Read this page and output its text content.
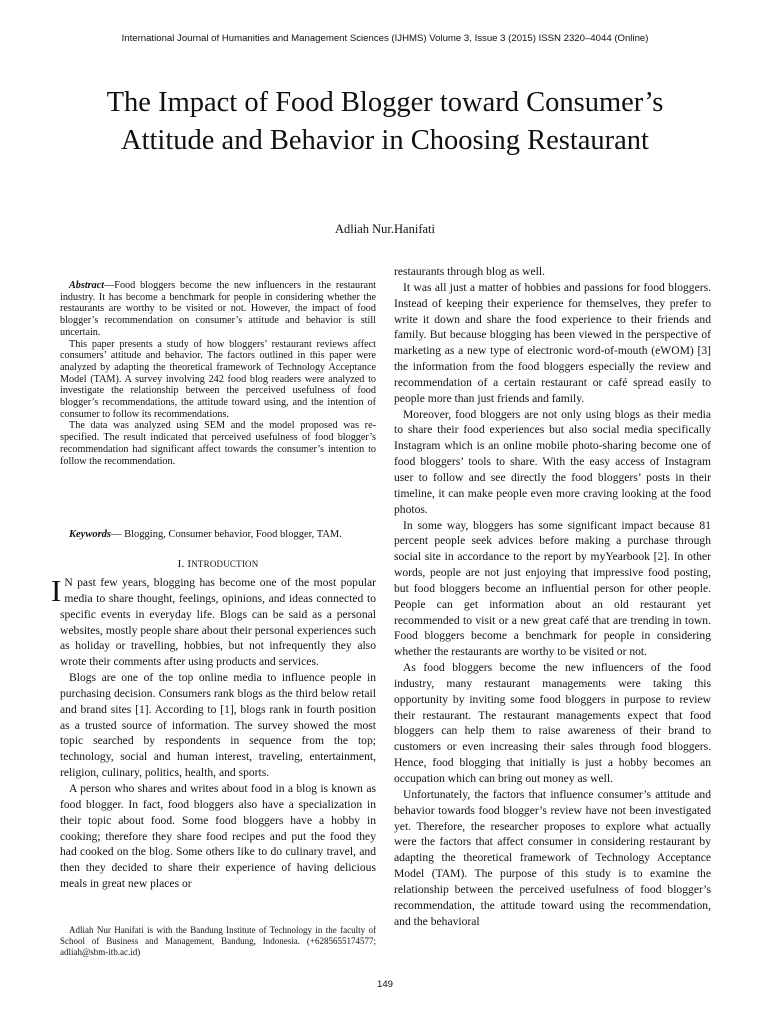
International Journal of Humanities and Management Sciences (IJHMS) Volume 3, Issue 3 (2015) ISSN 2320–4044 (Online)
The Impact of Food Blogger toward Consumer’s Attitude and Behavior in Choosing Restaurant
Adliah Nur.Hanifati

Abstract—Food bloggers become the new influencers in the restaurant industry. It has become a benchmark for people in considering whether the restaurants are worthy to be visited or not. However, the impact of food blogger’s recommendation on consumer’s attitude and behavior is still uncertain.

This paper presents a study of how bloggers’ restaurant reviews affect consumers’ attitude and behavior. The factors outlined in this paper were analyzed by adapting the theoretical framework of Technology Acceptance Model (TAM). A survey involving 242 food blog readers were analyzed to investigate the relationship between the perceived usefulness of food blogger’s recommendations, the attitude toward using, and the intention of consumer to follow its recommendations.

The data was analyzed using SEM and the model proposed was re-specified. The result indicated that perceived usefulness of food blogger’s recommendation had significant affect towards the consumer’s intention to follow the recommendation.

Keywords— Blogging, Consumer behavior, Food blogger, TAM.
I. INTRODUCTION

I N past few years, blogging has become one of the most popular media to share thought, feelings, opinions, and ideas connected to specific events in everyday life. Blogs can be said as a personal websites, mostly people share about their personal experiences such as holiday or travelling, hobbies, but not infrequently they also wrote their comments after using products and services.

Blogs are one of the top online media to influence people in purchasing decision. Consumers rank blogs as the third below retail and brand sites [1]. According to [1], blogs rank in fourth position as a trusted source of information. The survey showed the most topic searched by respondents in sequence from the top; technology, social and human interest, traveling, entertainment, religion, culinary, politics, health, and sports.

A person who shares and writes about food in a blog is known as food blogger. In fact, food bloggers also have a specialization in their topic about food. Some food bloggers have a hobby in cooking; therefore they share food recipes and put the food they had cooked on the blog. Some others like to do culinary travel, and then they decided to share their experience of having delicious meals in great new places or

Adliah Nur Hanifati is with the Bandung Institute of Technology in the faculty of School of Business and Management, Bandung, Indonesia. (+6285655174577; adliah@sbm-itb.ac.id)

restaurants through blog as well.

It was all just a matter of hobbies and passions for food bloggers. Instead of keeping their experience for themselves, they prefer to write it down and share the food experience to their friends and family. But because blogging has been viewed in the perspective of marketing as a new type of electronic word-of-mouth (eWOM) [3] the information from the food bloggers especially the review and recommendation of a certain restaurant or café spread easily to people more than just friends and family.

Moreover, food bloggers are not only using blogs as their media to share their food experiences but also social media specifically Instagram which is an online mobile photo-sharing become one of food bloggers’ tools to share. With the easy access of Instagram user to follow and see directly the food bloggers’ posts in their timeline, it can make people even more craving looking at the food photos.

In some way, bloggers has some significant impact because 81 percent people seek advices before making a purchase through social site in accordance to the report by myYearbook [2]. In other words, people are not just enjoying that impressive food posting, but food bloggers become an influential person for other people. People can get information about an old restaurant yet recommended to visit or a new great café that are trending in town. Food bloggers become a benchmark for people in considering whether the restaurants are worthy to be visited or not.

As food bloggers become the new influencers of the food industry, many restaurant managements were taking this opportunity by inviting some food bloggers in purpose to review their restaurant. The restaurant managements expect that food bloggers can help them to raise awareness of their brand to customers or even increasing their sales through food bloggers. Hence, food blogging that initially is just a hobby becomes an occupation which can bring out money as well.

Unfortunately, the factors that influence consumer’s attitude and behavior towards food blogger’s review have not been investigated yet. Therefore, the researcher proposes to explore what actually were the factors that affect consumer in considering restaurant by adapting the theoretical framework of Technology Acceptance Model (TAM). The purpose of this study is to examine the relationship between the perceived usefulness of food blogger’s recommendation, the attitude toward using the recommendation, and the behavioral

149
